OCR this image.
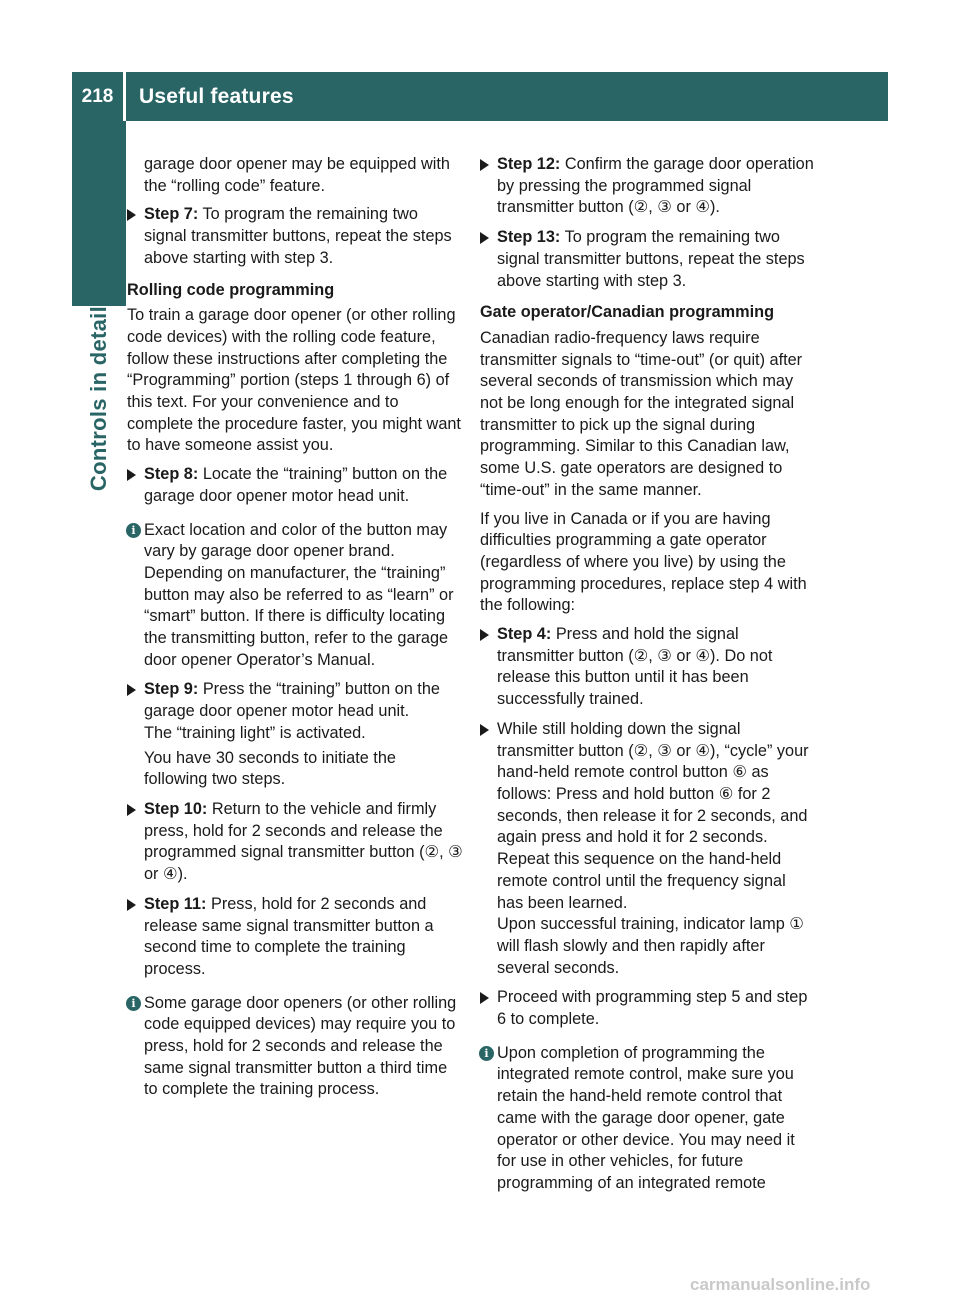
218	Useful features
Controls in detail

garage door opener may be equipped with the “rolling code” feature.

Step 7: To program the remaining two signal transmitter buttons, repeat the steps above starting with step 3.

Rolling code programming

To train a garage door opener (or other rolling code devices) with the rolling code feature, follow these instructions after completing the “Programming” portion (steps 1 through 6) of this text. For your convenience and to complete the procedure faster, you might want to have someone assist you.

Step 8: Locate the “training” button on the garage door opener motor head unit.
i Exact location and color of the button may vary by garage door opener brand. Depending on manufacturer, the “training” button may also be referred to as “learn” or “smart” button. If there is difficulty locating the transmitting button, refer to the garage door opener Operator’s Manual.
Step 9: Press the “training” button on the garage door opener motor head unit.
The “training light” is activated.
You have 30 seconds to initiate the following two steps.
Step 10: Return to the vehicle and firmly press, hold for 2 seconds and release the programmed signal transmitter button (②, ③ or ④).
Step 11: Press, hold for 2 seconds and release same signal transmitter button a second time to complete the training process.
i Some garage door openers (or other rolling code equipped devices) may require you to press, hold for 2 seconds and release the same signal transmitter button a third time to complete the training process.
Step 12: Confirm the garage door operation by pressing the programmed signal transmitter button (②, ③ or ④).
Step 13: To program the remaining two signal transmitter buttons, repeat the steps above starting with step 3.

Gate operator/Canadian programming

Canadian radio-frequency laws require transmitter signals to “time-out” (or quit) after several seconds of transmission which may not be long enough for the integrated signal transmitter to pick up the signal during programming. Similar to this Canadian law, some U.S. gate operators are designed to “time-out” in the same manner.

If you live in Canada or if you are having difficulties programming a gate operator (regardless of where you live) by using the programming procedures, replace step 4 with the following:

Step 4: Press and hold the signal transmitter button (②, ③ or ④). Do not release this button until it has been successfully trained.
While still holding down the signal transmitter button (②, ③ or ④), “cycle” your hand-held remote control button ⑥ as follows: Press and hold button ⑥ for 2 seconds, then release it for 2 seconds, and again press and hold it for 2 seconds. Repeat this sequence on the hand-held remote control until the frequency signal has been learned.
Upon successful training, indicator lamp ① will flash slowly and then rapidly after several seconds.
Proceed with programming step 5 and step 6 to complete.
i Upon completion of programming the integrated remote control, make sure you retain the hand-held remote control that came with the garage door opener, gate operator or other device. You may need it for use in other vehicles, for future programming of an integrated remote
carmanualsonline.info
